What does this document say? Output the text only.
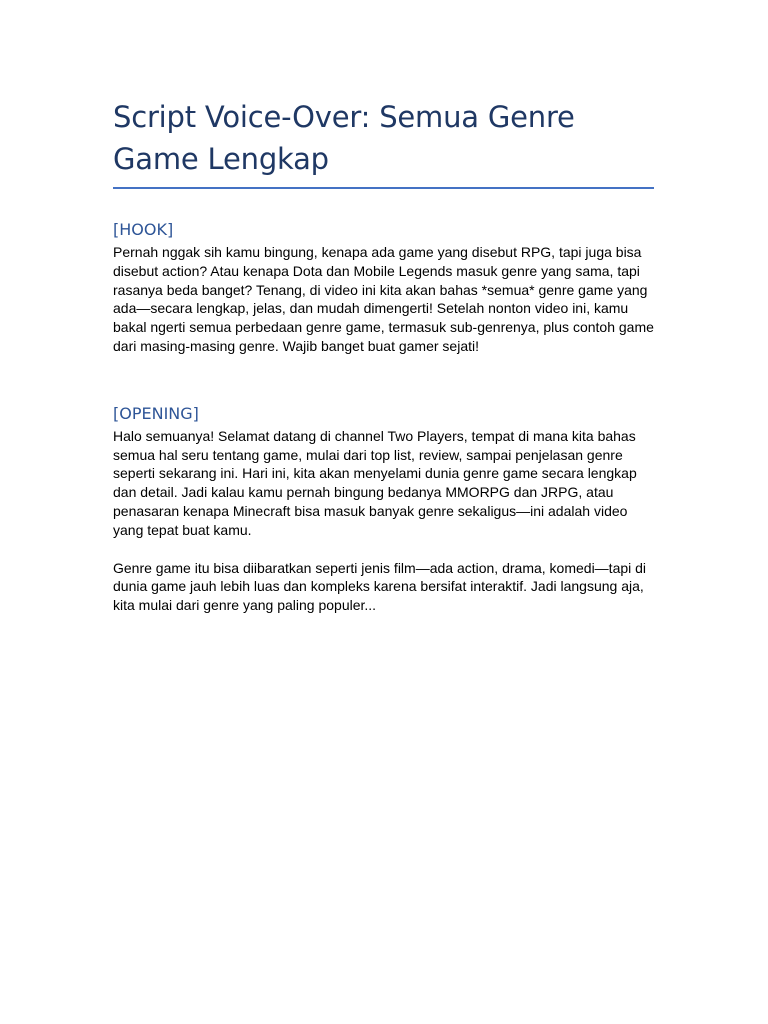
Script Voice-Over: Semua Genre Game Lengkap
[HOOK]

Pernah nggak sih kamu bingung, kenapa ada game yang disebut RPG, tapi juga bisa disebut action? Atau kenapa Dota dan Mobile Legends masuk genre yang sama, tapi rasanya beda banget? Tenang, di video ini kita akan bahas *semua* genre game yang ada—secara lengkap, jelas, dan mudah dimengerti! Setelah nonton video ini, kamu bakal ngerti semua perbedaan genre game, termasuk sub-genrenya, plus contoh game dari masing-masing genre. Wajib banget buat gamer sejati!

[OPENING]

Halo semuanya! Selamat datang di channel Two Players, tempat di mana kita bahas semua hal seru tentang game, mulai dari top list, review, sampai penjelasan genre seperti sekarang ini. Hari ini, kita akan menyelami dunia genre game secara lengkap dan detail. Jadi kalau kamu pernah bingung bedanya MMORPG dan JRPG, atau penasaran kenapa Minecraft bisa masuk banyak genre sekaligus—ini adalah video yang tepat buat kamu.

Genre game itu bisa diibaratkan seperti jenis film—ada action, drama, komedi—tapi di dunia game jauh lebih luas dan kompleks karena bersifat interaktif. Jadi langsung aja, kita mulai dari genre yang paling populer...
